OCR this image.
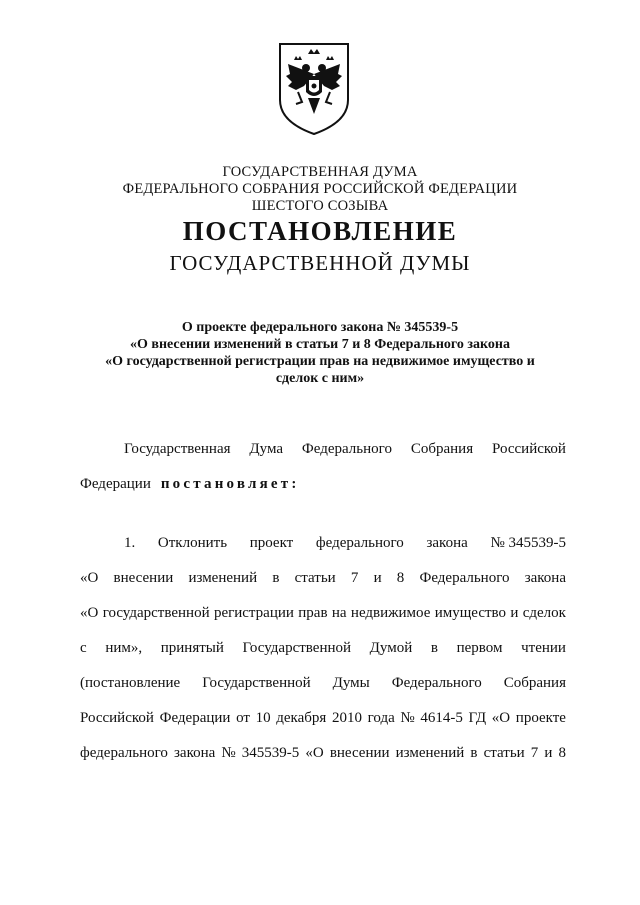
ГОСУДАРСТВЕННАЯ ДУМА
ФЕДЕРАЛЬНОГО СОБРАНИЯ РОССИЙСКОЙ ФЕДЕРАЦИИ
ШЕСТОГО СОЗЫВА
ПОСТАНОВЛЕНИЕ
ГОСУДАРСТВЕННОЙ ДУМЫ
О проекте федерального закона № 345539-5
«О внесении изменений в статьи 7 и 8 Федерального закона
«О государственной регистрации прав на недвижимое имущество и
сделок с ним»
Государственная Дума Федерального Собрания Российской
Федерации постановляет:
1. Отклонить проект федерального закона № 345539-5
«О внесении изменений в статьи 7 и 8 Федерального закона
«О государственной регистрации прав на недвижимое имущество и сделок
с ним», принятый Государственной Думой в первом чтении
(постановление Государственной Думы Федерального Собрания
Российской Федерации от 10 декабря 2010 года № 4614-5 ГД «О проекте
федерального закона № 345539-5 «О внесении изменений в статьи 7 и 8
